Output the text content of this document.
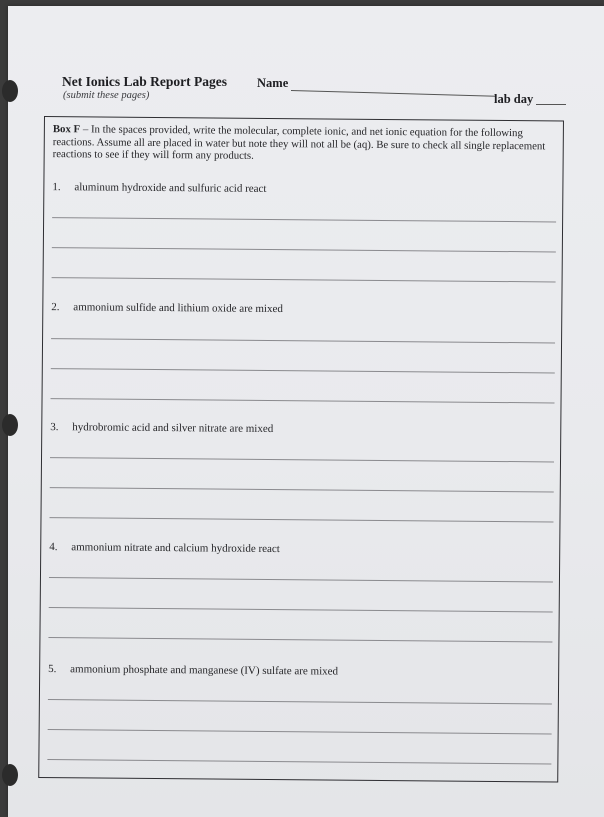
Net Ionics Lab Report Pages
(submit these pages)
Name
lab day
Box F – In the spaces provided, write the molecular, complete ionic, and net ionic equation for the following reactions. Assume all are placed in water but note they will not all be (aq). Be sure to check all single replacement reactions to see if they will form any products.
1. aluminum hydroxide and sulfuric acid react
2. ammonium sulfide and lithium oxide are mixed
3. hydrobromic acid and silver nitrate are mixed
4. ammonium nitrate and calcium hydroxide react
5. ammonium phosphate and manganese (IV) sulfate are mixed
